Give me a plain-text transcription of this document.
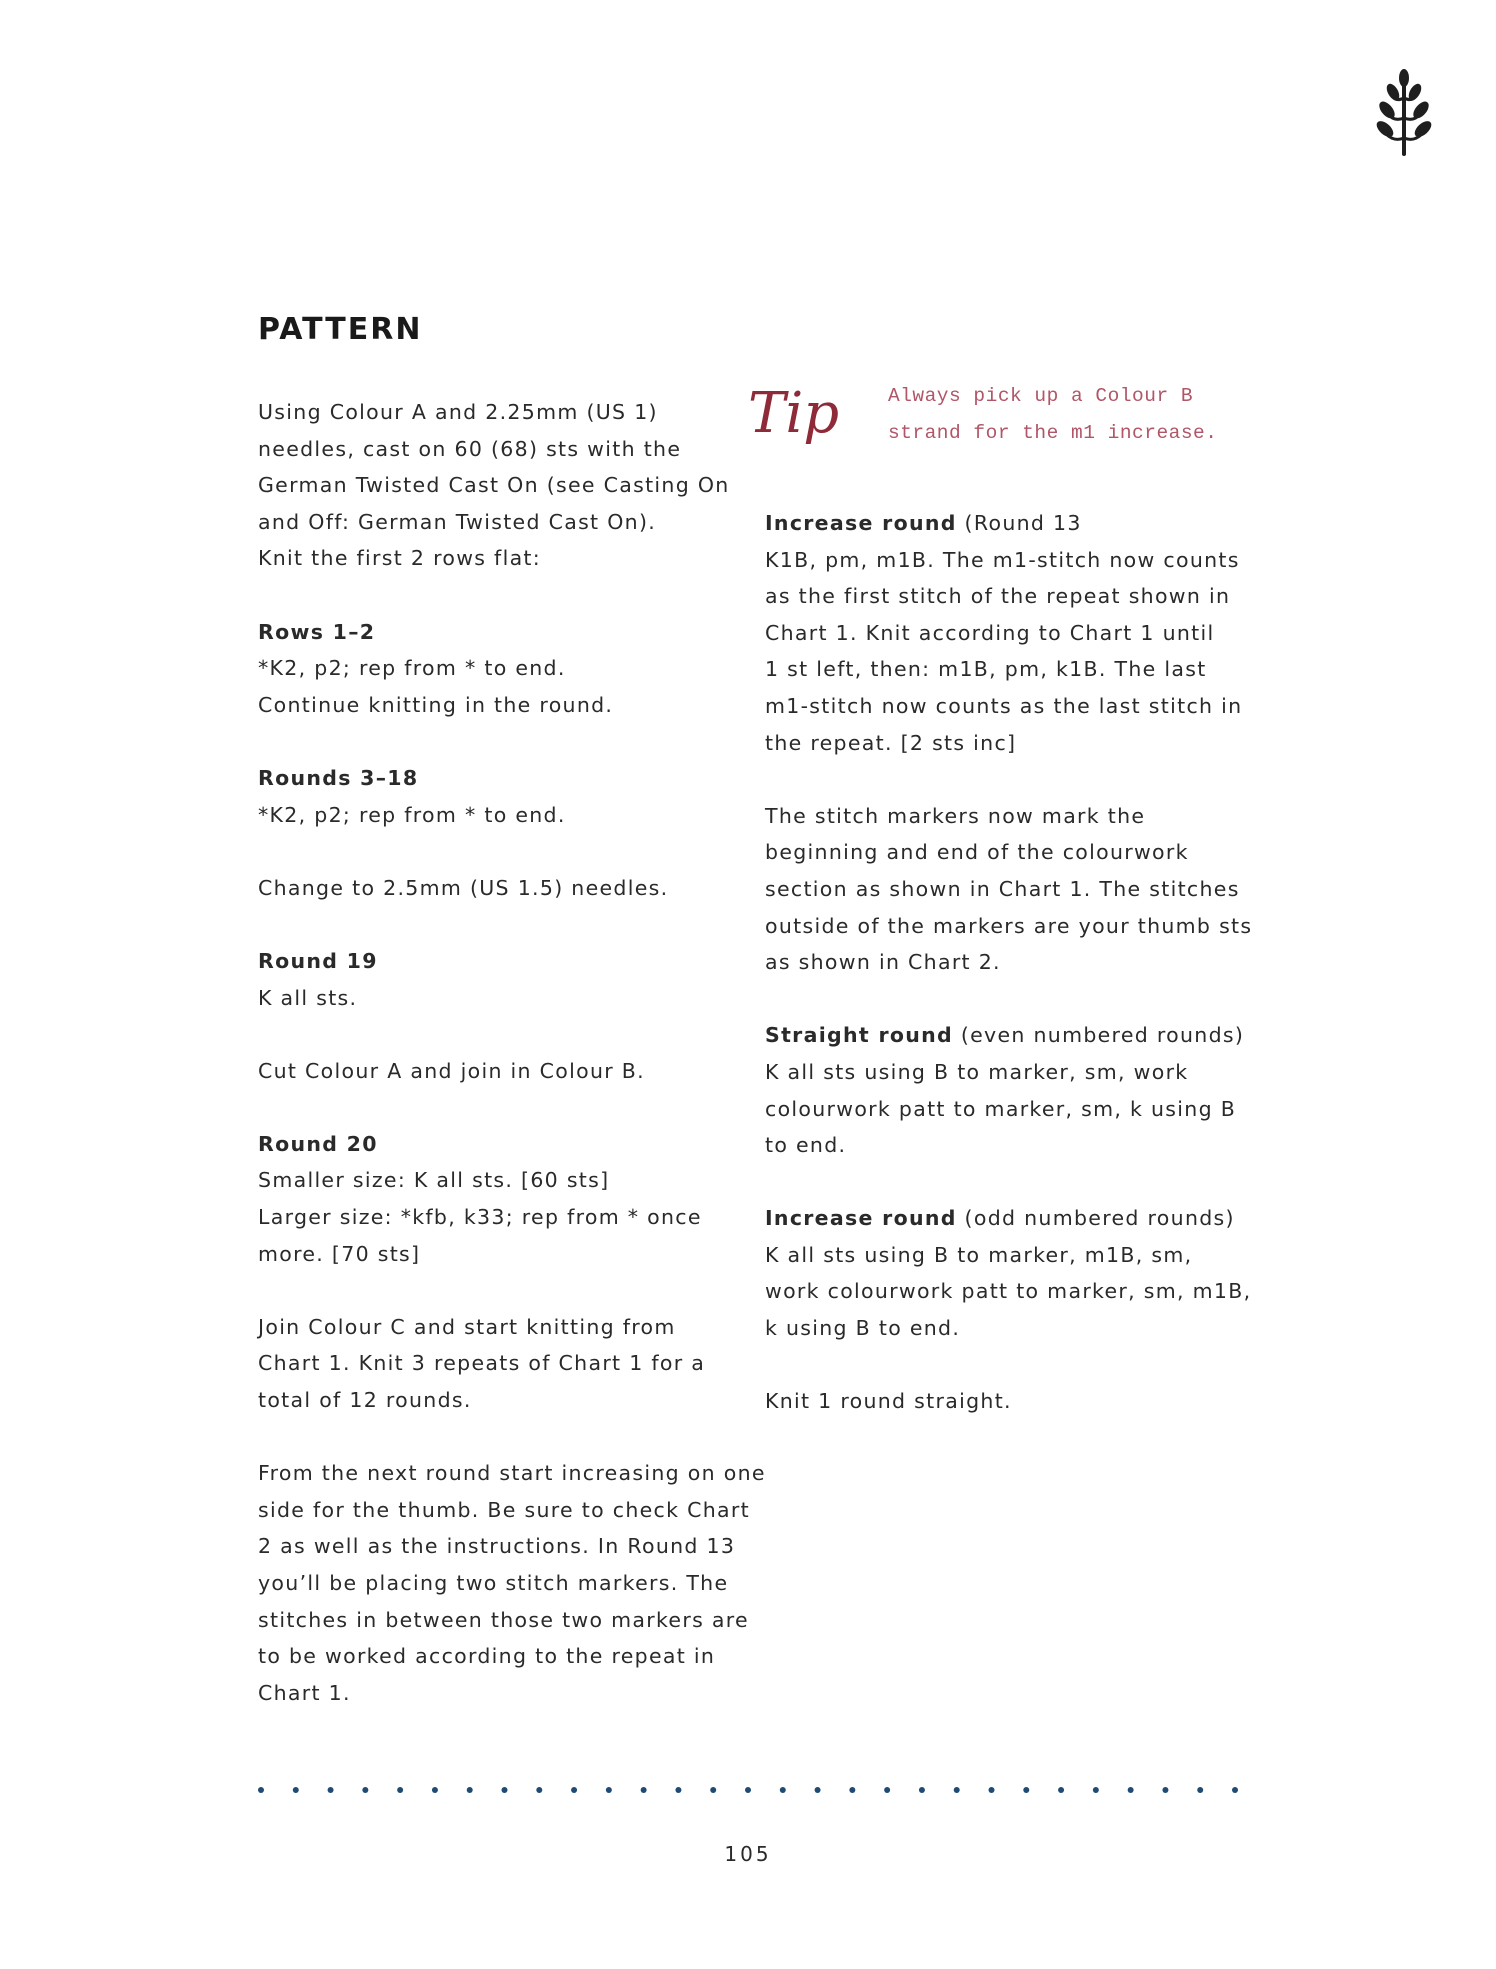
PATTERN
Tip	Always pick up a Colour B
strand for the m1 increase.

Using Colour A and 2.25mm (US 1)
needles, cast on 60 (68) sts with the
German Twisted Cast On (see Casting On
and Off: German Twisted Cast On).
Knit the first 2 rows flat:

Rows 1–2
*K2, p2; rep from * to end.
Continue knitting in the round.

Rounds 3–18
*K2, p2; rep from * to end.

Change to 2.5mm (US 1.5) needles.

Round 19
K all sts.

Cut Colour A and join in Colour B.

Round 20
Smaller size: K all sts. [60 sts]
Larger size: *kfb, k33; rep from * once
more. [70 sts]

Join Colour C and start knitting from
Chart 1. Knit 3 repeats of Chart 1 for a
total of 12 rounds.

From the next round start increasing on one
side for the thumb. Be sure to check Chart
2 as well as the instructions. In Round 13
you’ll be placing two stitch markers. The
stitches in between those two markers are
to be worked according to the repeat in
Chart 1.

Increase round (Round 13
K1B, pm, m1B. The m1-stitch now counts
as the first stitch of the repeat shown in
Chart 1. Knit according to Chart 1 until
1 st left, then: m1B, pm, k1B. The last
m1-stitch now counts as the last stitch in
the repeat. [2 sts inc]

The stitch markers now mark the
beginning and end of the colourwork
section as shown in Chart 1. The stitches
outside of the markers are your thumb sts
as shown in Chart 2.

Straight round (even numbered rounds)
K all sts using B to marker, sm, work
colourwork patt to marker, sm, k using B
to end.

Increase round (odd numbered rounds)
K all sts using B to marker, m1B, sm,
work colourwork patt to marker, sm, m1B,
k using B to end.

Knit 1 round straight.

105
